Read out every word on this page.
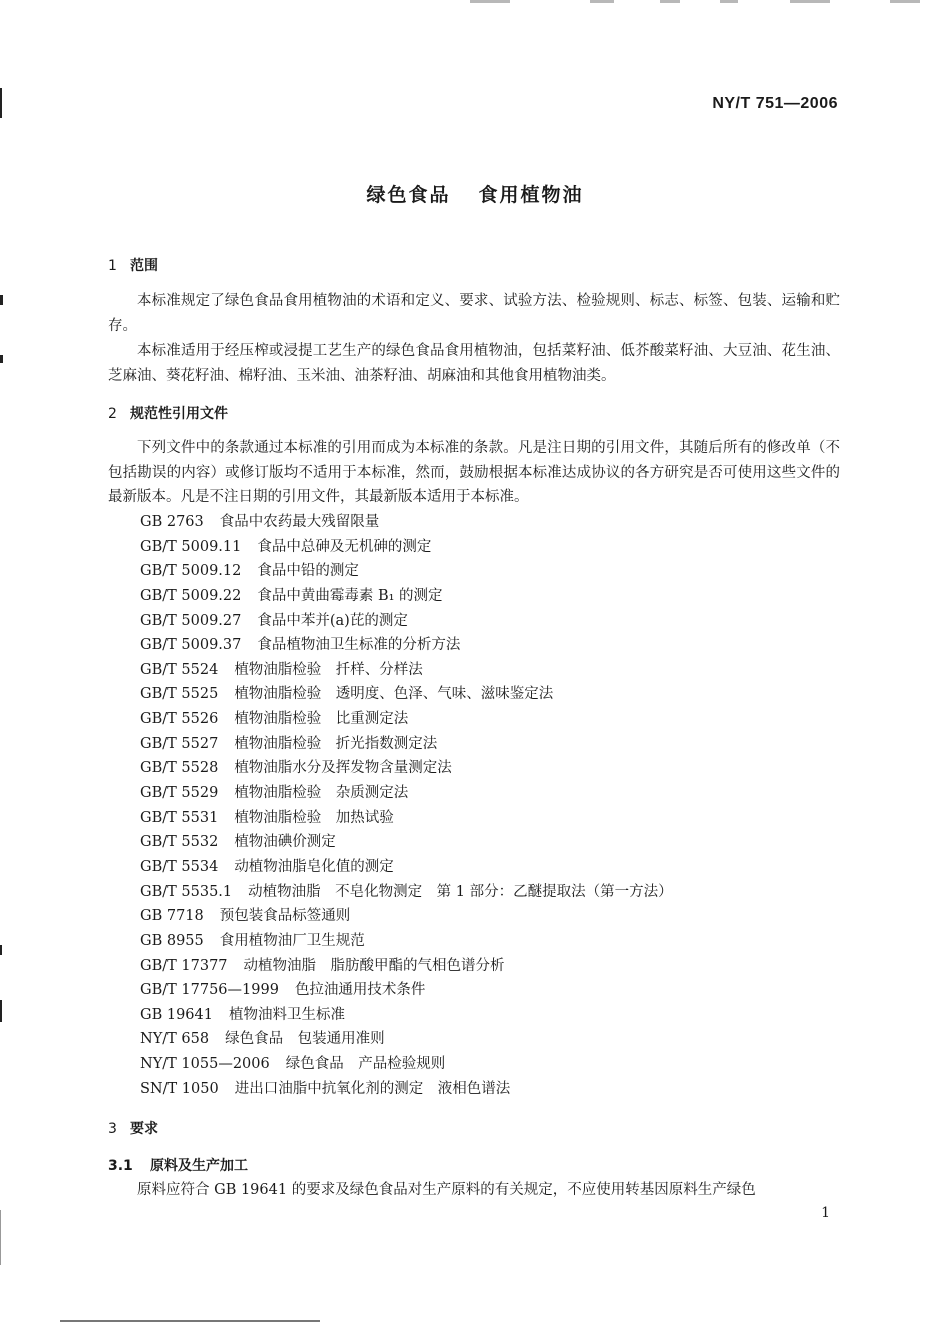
NY/T 751—2006
绿色食品 食用植物油
1 范围

本标准规定了绿色食品食用植物油的术语和定义、要求、试验方法、检验规则、标志、标签、包装、运输和贮存。

本标准适用于经压榨或浸提工艺生产的绿色食品食用植物油，包括菜籽油、低芥酸菜籽油、大豆油、花生油、芝麻油、葵花籽油、棉籽油、玉米油、油茶籽油、胡麻油和其他食用植物油类。

2 规范性引用文件

下列文件中的条款通过本标准的引用而成为本标准的条款。凡是注日期的引用文件，其随后所有的修改单（不包括勘误的内容）或修订版均不适用于本标准，然而，鼓励根据本标准达成协议的各方研究是否可使用这些文件的最新版本。凡是不注日期的引用文件，其最新版本适用于本标准。

GB 2763 食品中农药最大残留限量
GB/T 5009.11 食品中总砷及无机砷的测定
GB/T 5009.12 食品中铅的测定
GB/T 5009.22 食品中黄曲霉毒素 B₁ 的测定
GB/T 5009.27 食品中苯并(a)芘的测定
GB/T 5009.37 食品植物油卫生标准的分析方法
GB/T 5524 植物油脂检验　扦样、分样法
GB/T 5525 植物油脂检验　透明度、色泽、气味、滋味鉴定法
GB/T 5526 植物油脂检验　比重测定法
GB/T 5527 植物油脂检验　折光指数测定法
GB/T 5528 植物油脂水分及挥发物含量测定法
GB/T 5529 植物油脂检验　杂质测定法
GB/T 5531 植物油脂检验　加热试验
GB/T 5532 植物油碘价测定
GB/T 5534 动植物油脂皂化值的测定
GB/T 5535.1 动植物油脂　不皂化物测定　第 1 部分：乙醚提取法（第一方法）
GB 7718 预包装食品标签通则
GB 8955 食用植物油厂卫生规范
GB/T 17377 动植物油脂　脂肪酸甲酯的气相色谱分析
GB/T 17756—1999 色拉油通用技术条件
GB 19641 植物油料卫生标准
NY/T 658 绿色食品　包装通用准则
NY/T 1055—2006 绿色食品　产品检验规则
SN/T 1050 进出口油脂中抗氧化剂的测定　液相色谱法
3 要求
3.1 原料及生产加工

原料应符合 GB 19641 的要求及绿色食品对生产原料的有关规定，不应使用转基因原料生产绿色

1
